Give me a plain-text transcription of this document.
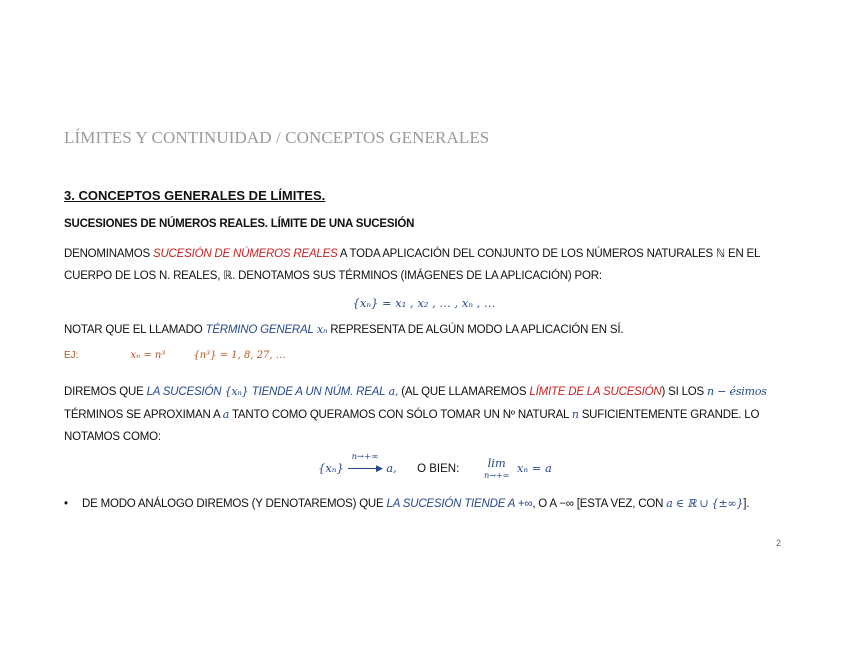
LÍMITES Y CONTINUIDAD / CONCEPTOS GENERALES
3. CONCEPTOS GENERALES DE LÍMITES.
SUCESIONES DE NÚMEROS REALES. LÍMITE DE UNA SUCESIÓN
DENOMINAMOS SUCESIÓN DE NÚMEROS REALES A TODA APLICACIÓN DEL CONJUNTO DE LOS NÚMEROS NATURALES ℕ EN EL
CUERPO DE LOS N. REALES, ℝ. DENOTAMOS SUS TÉRMINOS (IMÁGENES DE LA APLICACIÓN) POR:
{xₙ} = x₁ , x₂ , … , xₙ , …
NOTAR QUE EL LLAMADO TÉRMINO GENERAL xₙ REPRESENTA DE ALGÚN MODO LA APLICACIÓN EN SÍ.
EJ:	xₙ = n³	{n³} = 1, 8, 27, …
DIREMOS QUE LA SUCESIÓN {xₙ} TIENDE A UN NÚM. REAL a, (AL QUE LLAMAREMOS LÍMITE DE LA SUCESIÓN) SI LOS n − ésimos
TÉRMINOS SE APROXIMAN A a TANTO COMO QUERAMOS CON SÓLO TOMAR UN Nº NATURAL n SUFICIENTEMENTE GRANDE. LO
NOTAMOS COMO:
{xₙ}
n→+∞
▶ a, O BIEN:	lim
n→+∞
xₙ = a
• DE MODO ANÁLOGO DIREMOS (Y DENOTAREMOS) QUE LA SUCESIÓN TIENDE A +∞, O A −∞ [ESTA VEZ, CON a ∈ ℝ ∪ {±∞}].
2
